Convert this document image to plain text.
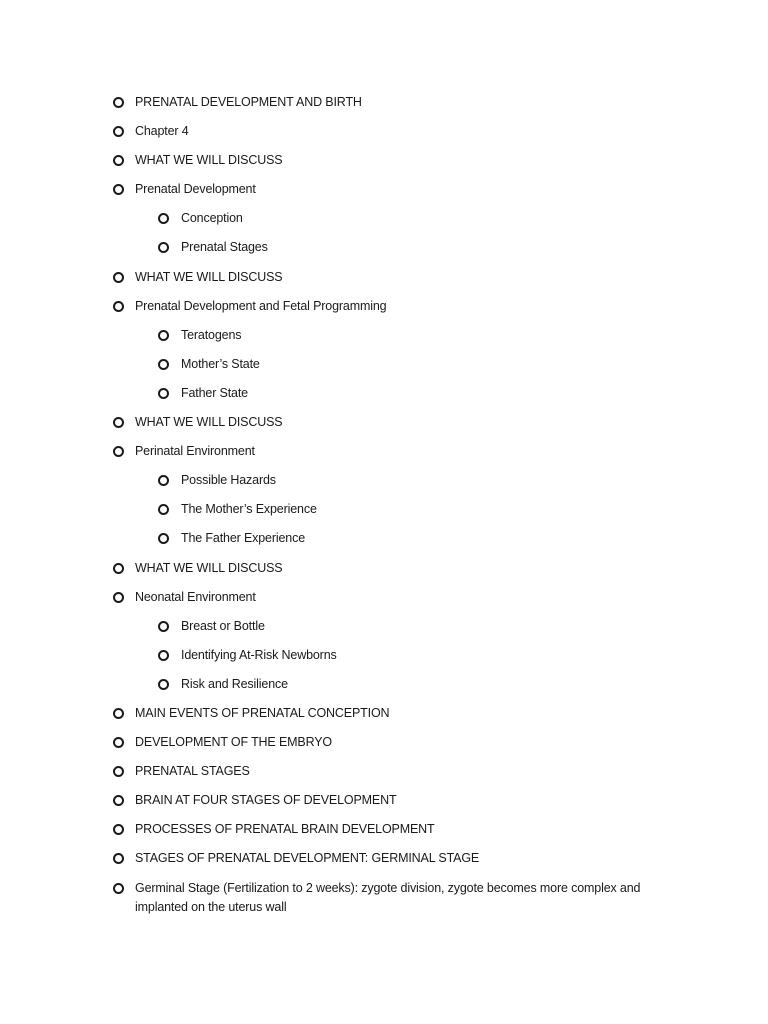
PRENATAL DEVELOPMENT AND BIRTH
Chapter 4
WHAT WE WILL DISCUSS
Prenatal Development
Conception
Prenatal Stages
WHAT WE WILL DISCUSS
Prenatal Development and Fetal Programming
Teratogens
Mother’s State
Father State
WHAT WE WILL DISCUSS
Perinatal Environment
Possible Hazards
The Mother’s Experience
The Father Experience
WHAT WE WILL DISCUSS
Neonatal Environment
Breast or Bottle
Identifying At-Risk Newborns
Risk and Resilience
MAIN EVENTS OF PRENATAL CONCEPTION
DEVELOPMENT OF THE EMBRYO
PRENATAL STAGES
BRAIN AT FOUR STAGES OF DEVELOPMENT
PROCESSES OF PRENATAL BRAIN DEVELOPMENT
STAGES OF PRENATAL DEVELOPMENT: GERMINAL STAGE
Germinal Stage (Fertilization to 2 weeks): zygote division, zygote becomes more complex and implanted on the uterus wall
